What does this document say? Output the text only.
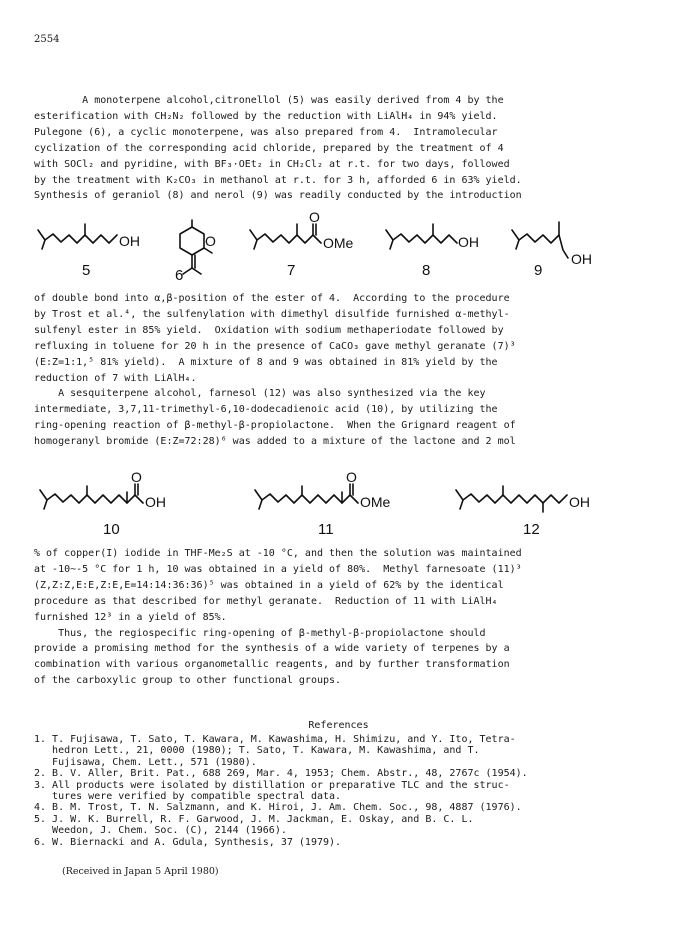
2554

A monoterpene alcohol,citronellol (5) was easily derived from 4 by the
esterification with CH₂N₂ followed by the reduction with LiAlH₄ in 94% yield.
Pulegone (6), a cyclic monoterpene, was also prepared from 4.  Intramolecular
cyclization of the corresponding acid chloride, prepared by the treatment of 4
with SOCl₂ and pyridine, with BF₃·OEt₂ in CH₂Cl₂ at r.t. for two days, followed
by the treatment with K₂CO₃ in methanol at r.t. for 3 h, afforded 6 in 63% yield.
Synthesis of geraniol (8) and nerol (9) was readily conducted by the introduction

OH
5
O
6
O
OMe
7
OH
8
OH
9

of double bond into α,β-position of the ester of 4.  According to the procedure
by Trost et al.⁴, the sulfenylation with dimethyl disulfide furnished α-methyl-
sulfenyl ester in 85% yield.  Oxidation with sodium methaperiodate followed by
refluxing in toluene for 20 h in the presence of CaCO₃ gave methyl geranate (7)³
(E:Z=1:1,⁵ 81% yield).  A mixture of 8 and 9 was obtained in 81% yield by the
reduction of 7 with LiAlH₄.
A sesquiterpene alcohol, farnesol (12) was also synthesized via the key
intermediate, 3,7,11-trimethyl-6,10-dodecadienoic acid (10), by utilizing the
ring-opening reaction of β-methyl-β-propiolactone.  When the Grignard reagent of
homogeranyl bromide (E:Z=72:28)⁶ was added to a mixture of the lactone and 2 mol

O
OH
10
O
OMe
11
OH
12

% of copper(I) iodide in THF-Me₂S at -10 °C, and then the solution was maintained
at -10~-5 °C for 1 h, 10 was obtained in a yield of 80%.  Methyl farnesoate (11)³
(Z,Z:Z,E:E,Z:E,E=14:14:36:36)⁵ was obtained in a yield of 62% by the identical
procedure as that described for methyl geranate.  Reduction of 11 with LiAlH₄
furnished 12³ in a yield of 85%.
Thus, the regiospecific ring-opening of β-methyl-β-propiolactone should
provide a promising method for the synthesis of a wide variety of terpenes by a
combination with various organometallic reagents, and by further transformation
of the carboxylic group to other functional groups.

References

1. T. Fujisawa, T. Sato, T. Kawara, M. Kawashima, H. Shimizu, and Y. Ito, Tetra-
hedron Lett., 21, 0000 (1980); T. Sato, T. Kawara, M. Kawashima, and T.
Fujisawa, Chem. Lett., 571 (1980).
2. B. V. Aller, Brit. Pat., 688 269, Mar. 4, 1953; Chem. Abstr., 48, 2767c (1954).
3. All products were isolated by distillation or preparative TLC and the struc-
tures were verified by compatible spectral data.
4. B. M. Trost, T. N. Salzmann, and K. Hiroi, J. Am. Chem. Soc., 98, 4887 (1976).
5. J. W. K. Burrell, R. F. Garwood, J. M. Jackman, E. Oskay, and B. C. L.
Weedon, J. Chem. Soc. (C), 2144 (1966).
6. W. Biernacki and A. Gdula, Synthesis, 37 (1979).

(Received in Japan 5 April 1980)
